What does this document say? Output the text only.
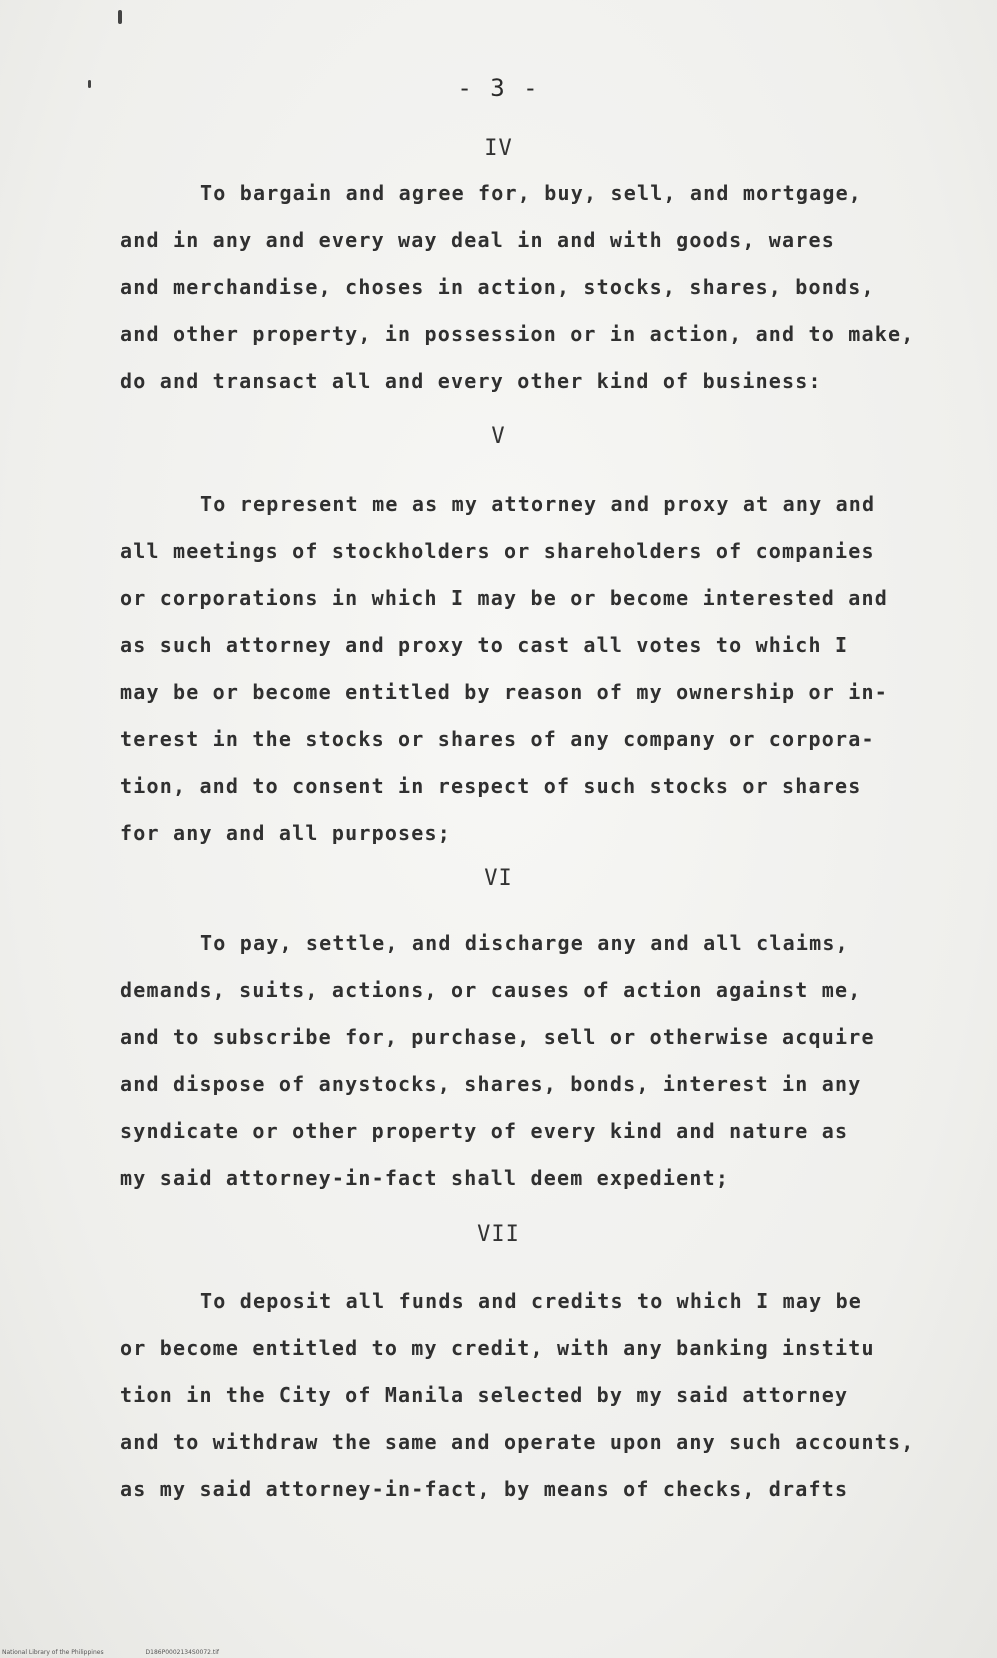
- 3 -
IV
To bargain and agree for, buy, sell, and mortgage,
and in any and every way deal in and with goods, wares
and merchandise, choses in action, stocks, shares, bonds,
and other property, in possession or in action, and to make,
do and transact all and every other kind of business:
V
To represent me as my attorney and proxy at any and
all meetings of stockholders or shareholders of companies
or corporations in which I may be or become interested and
as such attorney and proxy to cast all votes to which I
may be or become entitled by reason of my ownership or in-
terest in the stocks or shares of any company or corpora-
tion, and to consent in respect of such stocks or shares
for any and all purposes;
VI
To pay, settle, and discharge any and all claims,
demands, suits, actions, or causes of action against me,
and to subscribe for, purchase, sell or otherwise acquire
and dispose of anystocks, shares, bonds, interest in any
syndicate or other property of every kind and nature as
my said attorney-in-fact shall deem expedient;
VII
To deposit all funds and credits to which I may be
or become entitled to my credit, with any banking institu
tion in the City of Manila selected by my said attorney
and to withdraw the same and operate upon any such accounts,
as my said attorney-in-fact, by means of checks, drafts
National Library of the Philippines	D186P0002134S0072.tif
